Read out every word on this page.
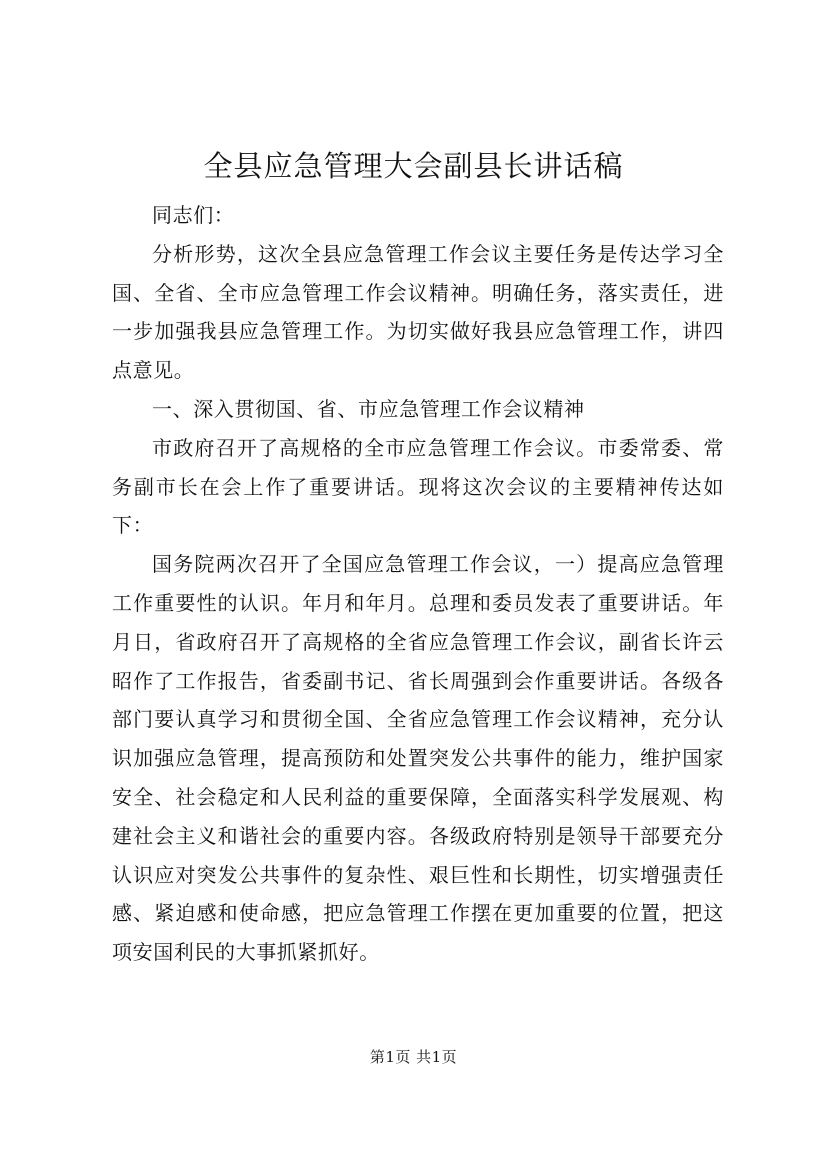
全县应急管理大会副县长讲话稿

同志们：

分析形势，这次全县应急管理工作会议主要任务是传达学习全国、全省、全市应急管理工作会议精神。明确任务，落实责任，进一步加强我县应急管理工作。为切实做好我县应急管理工作，讲四点意见。

一、深入贯彻国、省、市应急管理工作会议精神

市政府召开了高规格的全市应急管理工作会议。市委常委、常务副市长在会上作了重要讲话。现将这次会议的主要精神传达如下：

国务院两次召开了全国应急管理工作会议，一）提高应急管理工作重要性的认识。年月和年月。总理和委员发表了重要讲话。年月日，省政府召开了高规格的全省应急管理工作会议，副省长许云昭作了工作报告，省委副书记、省长周强到会作重要讲话。各级各部门要认真学习和贯彻全国、全省应急管理工作会议精神，充分认识加强应急管理，提高预防和处置突发公共事件的能力，维护国家安全、社会稳定和人民利益的重要保障，全面落实科学发展观、构建社会主义和谐社会的重要内容。各级政府特别是领导干部要充分认识应对突发公共事件的复杂性、艰巨性和长期性，切实增强责任感、紧迫感和使命感，把应急管理工作摆在更加重要的位置，把这项安国利民的大事抓紧抓好。

第1页 共1页
